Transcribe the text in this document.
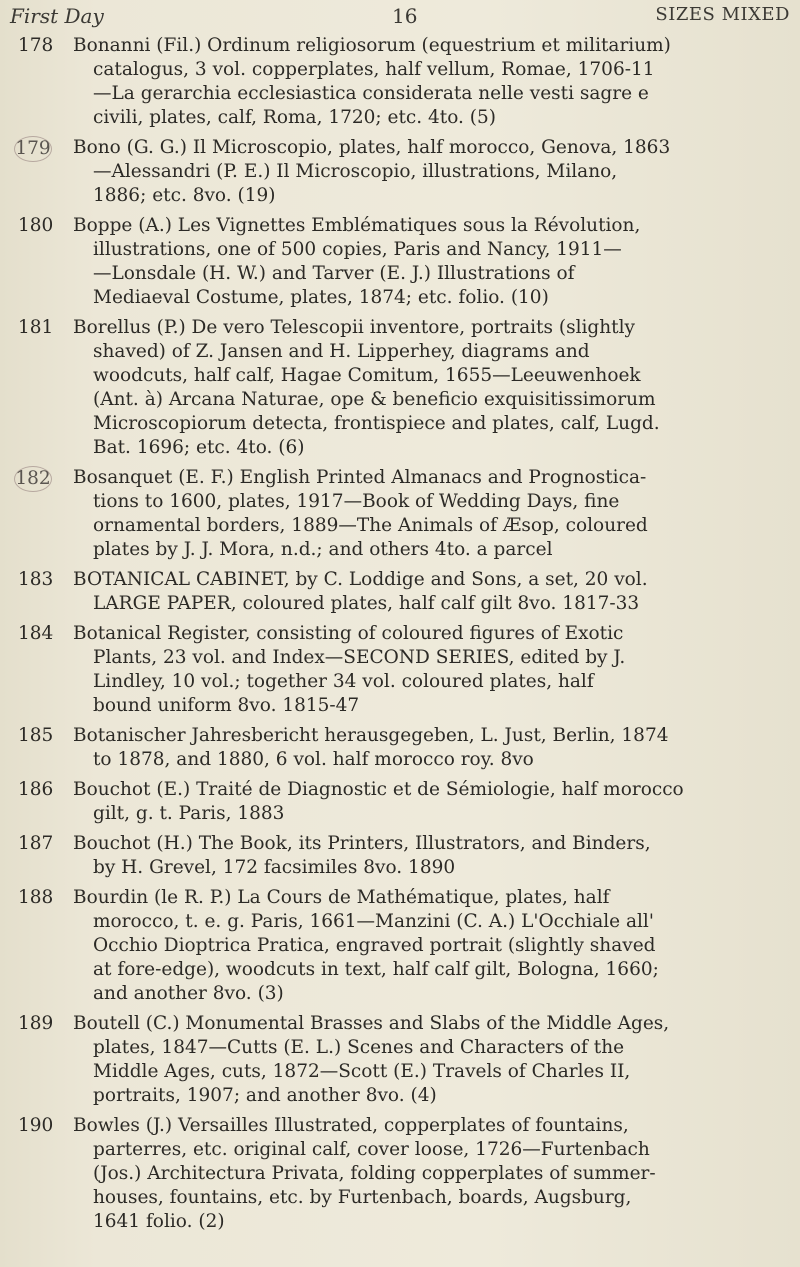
First Day	16	SIZES MIXED
178	Bonanni (Fil.) Ordinum religiosorum (equestrium et militarium)
catalogus, 3 vol. copperplates, half vellum, Romae, 1706-11
—La gerarchia ecclesiastica considerata nelle vesti sagre e
civili, plates, calf, Roma, 1720; etc. 4to. (5)
179 Bono (G. G.) Il Microscopio, plates, half morocco, Genova, 1863
—Alessandri (P. E.) Il Microscopio, illustrations, Milano,
1886; etc. 8vo. (19)
180	Boppe (A.) Les Vignettes Emblématiques sous la Révolution,
illustrations, one of 500 copies, Paris and Nancy, 1911—
—Lonsdale (H. W.) and Tarver (E. J.) Illustrations of
Mediaeval Costume, plates, 1874; etc. folio. (10)
181	Borellus (P.) De vero Telescopii inventore, portraits (slightly
shaved) of Z. Jansen and H. Lipperhey, diagrams and
woodcuts, half calf, Hagae Comitum, 1655—Leeuwenhoek
(Ant. à) Arcana Naturae, ope & beneficio exquisitissimorum
Microscopiorum detecta, frontispiece and plates, calf, Lugd.
Bat. 1696; etc. 4to. (6)
182 Bosanquet (E. F.) English Printed Almanacs and Prognostica-
tions to 1600, plates, 1917—Book of Wedding Days, fine
ornamental borders, 1889—The Animals of Æsop, coloured
plates by J. J. Mora, n.d.; and others 4to. a parcel
183	BOTANICAL CABINET, by C. Loddige and Sons, a set, 20 vol.
LARGE PAPER, coloured plates, half calf gilt 8vo. 1817-33
184	Botanical Register, consisting of coloured figures of Exotic
Plants, 23 vol. and Index—SECOND SERIES, edited by J.
Lindley, 10 vol.; together 34 vol. coloured plates, half
bound uniform 8vo. 1815-47
185	Botanischer Jahresbericht herausgegeben, L. Just, Berlin, 1874
to 1878, and 1880, 6 vol. half morocco roy. 8vo
186	Bouchot (E.) Traité de Diagnostic et de Sémiologie, half morocco
gilt, g. t. Paris, 1883
187	Bouchot (H.) The Book, its Printers, Illustrators, and Binders,
by H. Grevel, 172 facsimiles 8vo. 1890
188	Bourdin (le R. P.) La Cours de Mathématique, plates, half
morocco, t. e. g. Paris, 1661—Manzini (C. A.) L'Occhiale all'
Occhio Dioptrica Pratica, engraved portrait (slightly shaved
at fore-edge), woodcuts in text, half calf gilt, Bologna, 1660;
and another 8vo. (3)
189	Boutell (C.) Monumental Brasses and Slabs of the Middle Ages,
plates, 1847—Cutts (E. L.) Scenes and Characters of the
Middle Ages, cuts, 1872—Scott (E.) Travels of Charles II,
portraits, 1907; and another 8vo. (4)
190	Bowles (J.) Versailles Illustrated, copperplates of fountains,
parterres, etc. original calf, cover loose, 1726—Furtenbach
(Jos.) Architectura Privata, folding copperplates of summer-
houses, fountains, etc. by Furtenbach, boards, Augsburg,
1641 folio. (2)
